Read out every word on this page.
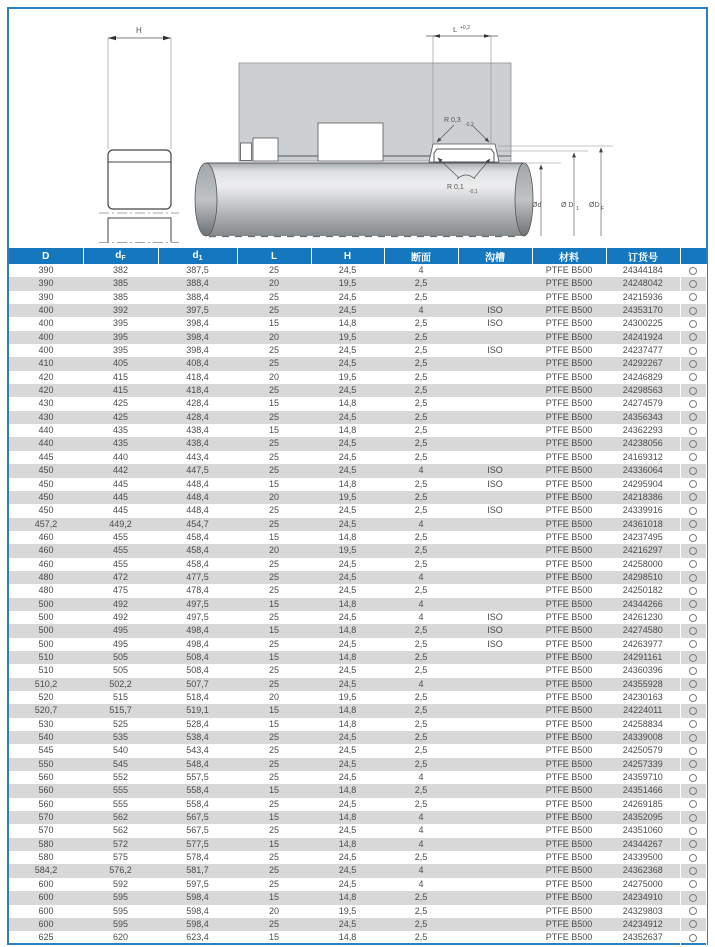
H	L +0,2
R 0,3
-0,2
R 0,1
-0,1
Ød	Ø D 1 ØD F
D	$d_F$	$d_1$	L	H	断面	沟槽	材料	订货号	
390	382	387,5	25	24,5	4		PTFE B500	24344184	
390	385	388,4	20	19,5	2,5		PTFE B500	24248042	
390	385	388,4	25	24,5	2,5		PTFE B500	24215936	
400	392	397,5	25	24,5	4	ISO	PTFE B500	24353170	
400	395	398,4	15	14,8	2,5	ISO	PTFE B500	24300225	
400	395	398,4	20	19,5	2,5		PTFE B500	24241924	
400	395	398,4	25	24,5	2,5	ISO	PTFE B500	24237477	
410	405	408,4	25	24,5	2,5		PTFE B500	24292267	
420	415	418,4	20	19,5	2,5		PTFE B500	24246829	
420	415	418,4	25	24,5	2,5		PTFE B500	24298563	
430	425	428,4	15	14,8	2,5		PTFE B500	24274579	
430	425	428,4	25	24,5	2,5		PTFE B500	24356343	
440	435	438,4	15	14,8	2,5		PTFE B500	24362293	
440	435	438,4	25	24,5	2,5		PTFE B500	24238056	
445	440	443,4	25	24,5	2,5		PTFE B500	24169312	
450	442	447,5	25	24,5	4	ISO	PTFE B500	24336064	
450	445	448,4	15	14,8	2,5	ISO	PTFE B500	24295904	
450	445	448,4	20	19,5	2,5		PTFE B500	24218386	
450	445	448,4	25	24,5	2,5	ISO	PTFE B500	24339916	
457,2	449,2	454,7	25	24,5	4		PTFE B500	24361018	
460	455	458,4	15	14,8	2,5		PTFE B500	24237495	
460	455	458,4	20	19,5	2,5		PTFE B500	24216297	
460	455	458,4	25	24,5	2,5		PTFE B500	24258000	
480	472	477,5	25	24,5	4		PTFE B500	24298510	
480	475	478,4	25	24,5	2,5		PTFE B500	24250182	
500	492	497,5	15	14,8	4		PTFE B500	24344266	
500	492	497,5	25	24,5	4	ISO	PTFE B500	24261230	
500	495	498,4	15	14,8	2,5	ISO	PTFE B500	24274580	
500	495	498,4	25	24,5	2,5	ISO	PTFE B500	24263977	
510	505	508,4	15	14,8	2,5		PTFE B500	24291161	
510	505	508,4	25	24,5	2,5		PTFE B500	24360396	
510,2	502,2	507,7	25	24,5	4		PTFE B500	24355928	
520	515	518,4	20	19,5	2,5		PTFE B500	24230163	
520,7	515,7	519,1	15	14,8	2,5		PTFE B500	24224011	
530	525	528,4	15	14,8	2,5		PTFE B500	24258834	
540	535	538,4	25	24,5	2,5		PTFE B500	24339008	
545	540	543,4	25	24,5	2,5		PTFE B500	24250579	
550	545	548,4	25	24,5	2,5		PTFE B500	24257339	
560	552	557,5	25	24,5	4		PTFE B500	24359710	
560	555	558,4	15	14,8	2,5		PTFE B500	24351466	
560	555	558,4	25	24,5	2,5		PTFE B500	24269185	
570	562	567,5	15	14,8	4		PTFE B500	24352095	
570	562	567,5	25	24,5	4		PTFE B500	24351060	
580	572	577,5	15	14,8	4		PTFE B500	24344267	
580	575	578,4	25	24,5	2,5		PTFE B500	24339500	
584,2	576,2	581,7	25	24,5	4		PTFE B500	24362368	
600	592	597,5	25	24,5	4		PTFE B500	24275000	
600	595	598,4	15	14,8	2,5		PTFE B500	24234910	
600	595	598,4	20	19,5	2,5		PTFE B500	24329803	
600	595	598,4	25	24,5	2,5		PTFE B500	24234912	
625	620	623,4	15	14,8	2,5		PTFE B500	24352637	
